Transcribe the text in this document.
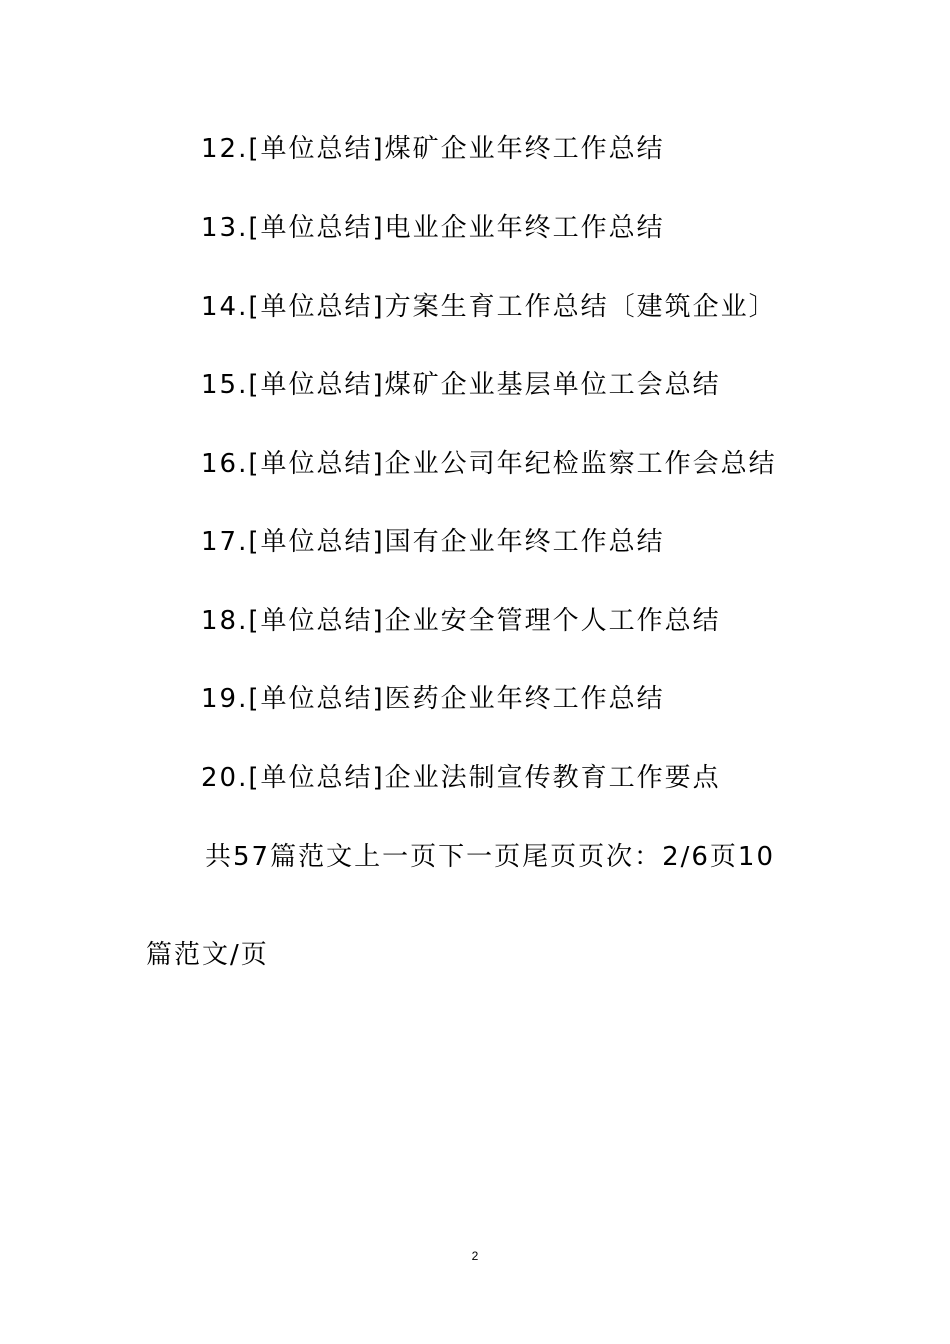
12.[单位总结]煤矿企业年终工作总结
13.[单位总结]电业企业年终工作总结
14.[单位总结]方案生育工作总结〔建筑企业〕
15.[单位总结]煤矿企业基层单位工会总结
16.[单位总结]企业公司年纪检监察工作会总结
17.[单位总结]国有企业年终工作总结
18.[单位总结]企业安全管理个人工作总结
19.[单位总结]医药企业年终工作总结
20.[单位总结]企业法制宣传教育工作要点
共57篇范文上一页下一页尾页页次：2/6页10
篇范文/页
2
